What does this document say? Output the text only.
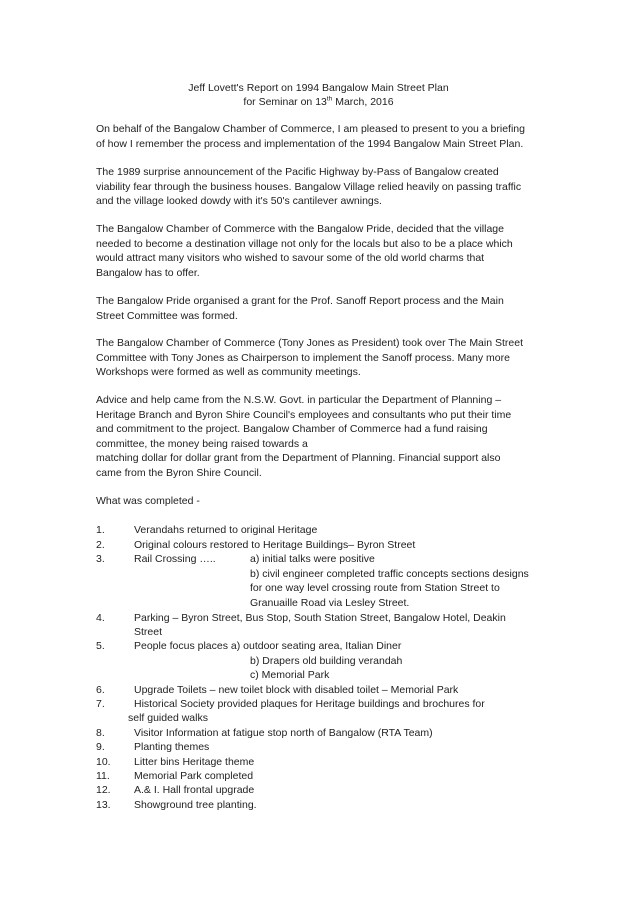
Jeff Lovett's Report on 1994 Bangalow Main Street Plan
for Seminar on 13th March, 2016
On behalf of the Bangalow Chamber of Commerce, I am pleased to present to you a briefing
of how I remember the process and implementation of the 1994 Bangalow Main Street Plan.
The 1989 surprise announcement of the Pacific Highway by-Pass of Bangalow created
viability fear through the business houses. Bangalow Village relied heavily on passing traffic
and the village looked dowdy with it's 50's cantilever awnings.
The Bangalow Chamber of Commerce with the Bangalow Pride, decided that the village
needed to become a destination village not only for the locals but also to be a place which
would attract many visitors who wished to savour some of the old world charms that
Bangalow has to offer.
The Bangalow Pride organised a grant for the Prof. Sanoff Report process and the Main
Street Committee was formed.
The Bangalow Chamber of Commerce (Tony Jones as President) took over The Main Street
Committee with Tony Jones as Chairperson to implement the Sanoff process. Many more
Workshops were formed as well as community meetings.
Advice and help came from the N.S.W. Govt. in particular the Department of Planning –
Heritage Branch and Byron Shire Council's employees and consultants who put their time
and commitment to the project. Bangalow Chamber of Commerce had a fund raising
committee, the money being raised towards a
matching dollar for dollar grant from the Department of Planning. Financial support also
came from the Byron Shire Council.
What was completed -
1.	Verandahs returned to original Heritage
2.	Original colours restored to Heritage Buildings– Byron Street
3.	Rail Crossing …..	a) initial talks were positive
b) civil engineer completed traffic concepts sections designs
for one way level crossing route from Station Street to
Granuaille Road via Lesley Street.
4.	Parking – Byron Street, Bus Stop, South Station Street, Bangalow Hotel, Deakin
Street
5.	People focus places a) outdoor seating area, Italian Diner
b) Drapers old building verandah
c) Memorial Park
6.	Upgrade Toilets – new toilet block with disabled toilet – Memorial Park
7.	Historical Society provided plaques for Heritage buildings and brochures for
self guided walks
8.	Visitor Information at fatigue stop north of Bangalow (RTA Team)
9.	Planting themes
10. Litter bins Heritage theme
11. Memorial Park completed
12. A.& I. Hall frontal upgrade
13. Showground tree planting.
